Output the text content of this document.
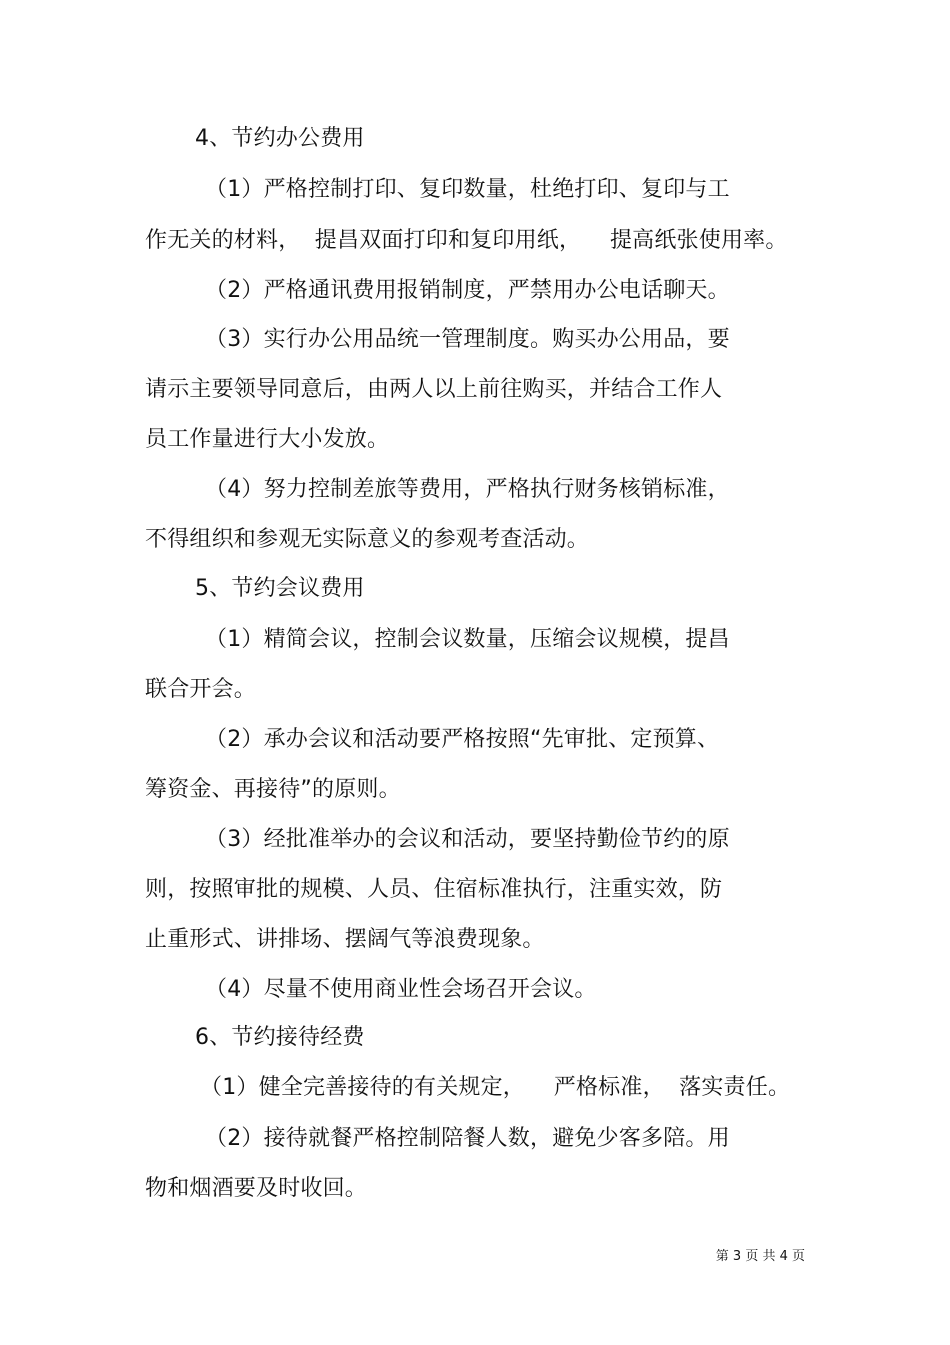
4、节约办公费用
（1）严格控制打印、复印数量，杜绝打印、复印与工
作无关的材料，  提昌双面打印和复印用纸，    提高纸张使用率。
（2）严格通讯费用报销制度，严禁用办公电话聊天。
（3）实行办公用品统一管理制度。购买办公用品，要
请示主要领导同意后，由两人以上前往购买，并结合工作人
员工作量进行大小发放。
（4）努力控制差旅等费用，严格执行财务核销标准，
不得组织和参观无实际意义的参观考查活动。
5、节约会议费用
（1）精简会议，控制会议数量，压缩会议规模，提昌
联合开会。
（2）承办会议和活动要严格按照“先审批、定预算、
筹资金、再接待”的原则。
（3）经批准举办的会议和活动，要坚持勤俭节约的原
则，按照审批的规模、人员、住宿标准执行，注重实效，防
止重形式、讲排场、摆阔气等浪费现象。
（4）尽量不使用商业性会场召开会议。
6、节约接待经费
（1）健全完善接待的有关规定，    严格标准，  落实责任。
（2）接待就餐严格控制陪餐人数，避免少客多陪。用
物和烟酒要及时收回。
第 3 页 共 4 页
